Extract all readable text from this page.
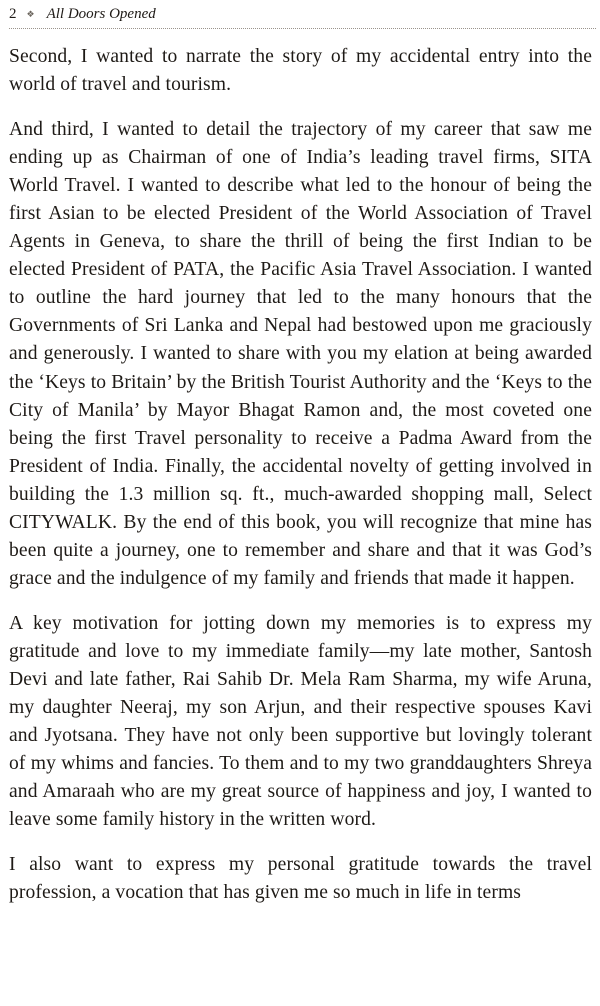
2 ❖ All Doors Opened

Second, I wanted to narrate the story of my accidental entry into the world of travel and tourism.

And third, I wanted to detail the trajectory of my career that saw me ending up as Chairman of one of India’s leading travel firms, SITA World Travel. I wanted to describe what led to the honour of being the first Asian to be elected President of the World Association of Travel Agents in Geneva, to share the thrill of being the first Indian to be elected President of PATA, the Pacific Asia Travel Association. I wanted to outline the hard journey that led to the many honours that the Governments of Sri Lanka and Nepal had bestowed upon me graciously and generously. I wanted to share with you my elation at being awarded the ‘Keys to Britain’ by the British Tourist Authority and the ‘Keys to the City of Manila’ by Mayor Bhagat Ramon and, the most coveted one being the first Travel personality to receive a Padma Award from the President of India. Finally, the accidental novelty of getting involved in building the 1.3 million sq. ft., much-awarded shopping mall, Select CITYWALK. By the end of this book, you will recognize that mine has been quite a journey, one to remember and share and that it was God’s grace and the indulgence of my family and friends that made it happen.

A key motivation for jotting down my memories is to express my gratitude and love to my immediate family—my late mother, Santosh Devi and late father, Rai Sahib Dr. Mela Ram Sharma, my wife Aruna, my daughter Neeraj, my son Arjun, and their respective spouses Kavi and Jyotsana. They have not only been supportive but lovingly tolerant of my whims and fancies. To them and to my two granddaughters Shreya and Amaraah who are my great source of happiness and joy, I wanted to leave some family history in the written word.

I also want to express my personal gratitude towards the travel profession, a vocation that has given me so much in life in terms
